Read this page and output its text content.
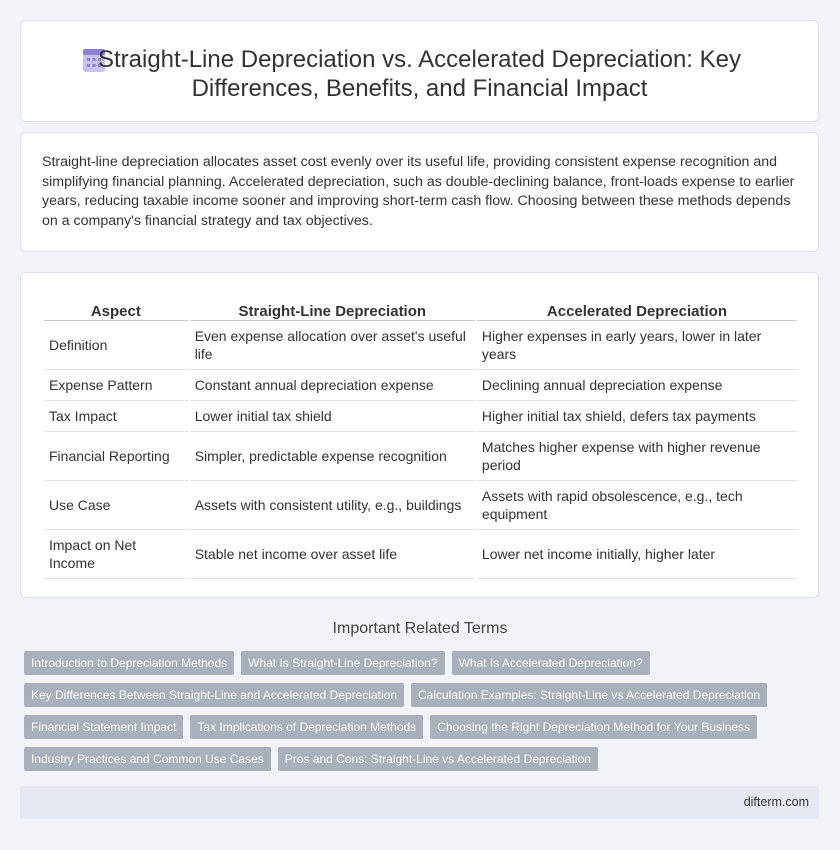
Straight-Line Depreciation vs. Accelerated Depreciation: Key Differences, Benefits, and Financial Impact

Straight-line depreciation allocates asset cost evenly over its useful life, providing consistent expense recognition and simplifying financial planning. Accelerated depreciation, such as double-declining balance, front-loads expense to earlier years, reducing taxable income sooner and improving short-term cash flow. Choosing between these methods depends on a company's financial strategy and tax objectives.

Aspect	Straight-Line Depreciation	Accelerated Depreciation
Definition	Even expense allocation over asset's useful life	Higher expenses in early years, lower in later years
Expense Pattern	Constant annual depreciation expense	Declining annual depreciation expense
Tax Impact	Lower initial tax shield	Higher initial tax shield, defers tax payments
Financial Reporting	Simpler, predictable expense recognition	Matches higher expense with higher revenue period
Use Case	Assets with consistent utility, e.g., buildings	Assets with rapid obsolescence, e.g., tech equipment
Impact on Net Income	Stable net income over asset life	Lower net income initially, higher later
Important Related Terms
Introduction to Depreciation Methods	What Is Straight-Line Depreciation?	What Is Accelerated Depreciation?
Key Differences Between Straight-Line and Accelerated Depreciation	Calculation Examples: Straight-Line vs Accelerated Depreciation
Financial Statement Impact	Tax Implications of Depreciation Methods	Choosing the Right Depreciation Method for Your Business
Industry Practices and Common Use Cases	Pros and Cons: Straight-Line vs Accelerated Depreciation
difterm.com
